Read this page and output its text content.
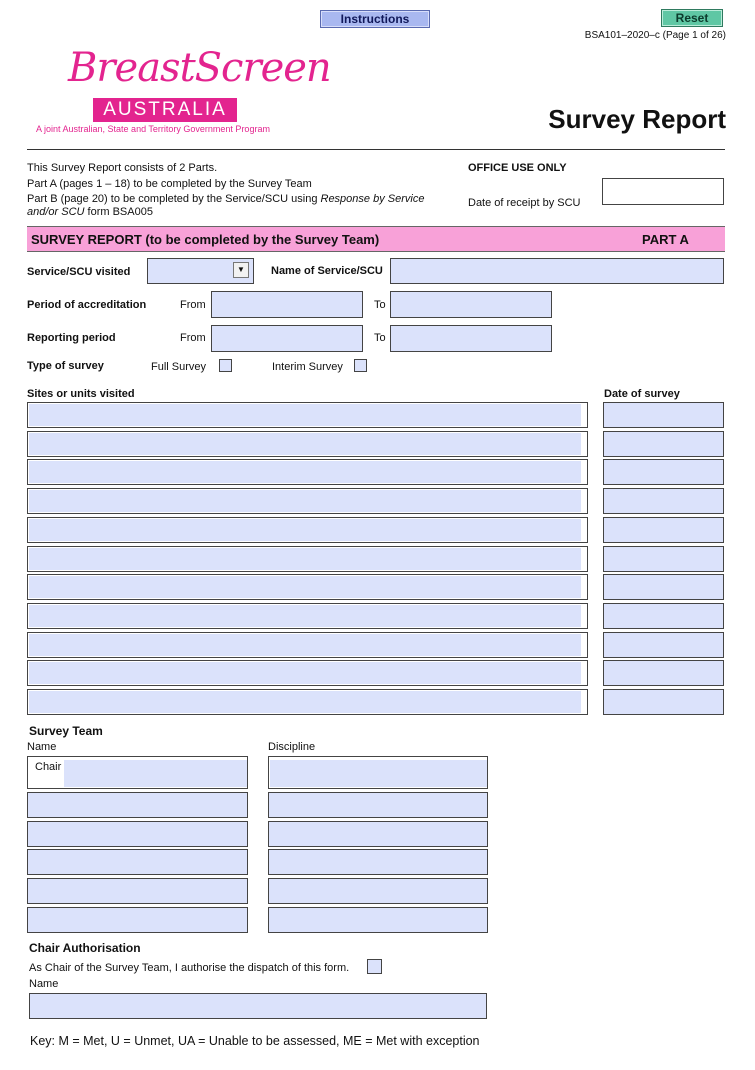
Instructions	Reset
BSA101–2020–c (Page 1 of 26)
BreastScreen
AUSTRALIA
A joint Australian, State and Territory Government Program	Survey Report
This Survey Report consists of 2 Parts.
Part A (pages 1 – 18) to be completed by the Survey Team
Part B (page 20) to be completed by the Service/SCU using Response by Service
and/or SCU form BSA005
OFFICE USE ONLY
Date of receipt by SCU
SURVEY REPORT (to be completed by the Survey Team)	PART A
Service/SCU visited	▼	Name of Service/SCU
Period of accreditation	From	To
Reporting period	From	To
Type of survey	Full Survey	Interim Survey
Sites or units visited	Date of survey
Survey Team
Name	Discipline
Chair
Chair Authorisation
As Chair of the Survey Team, I authorise the dispatch of this form.
Name
Key: M = Met, U = Unmet, UA = Unable to be assessed, ME = Met with exception
